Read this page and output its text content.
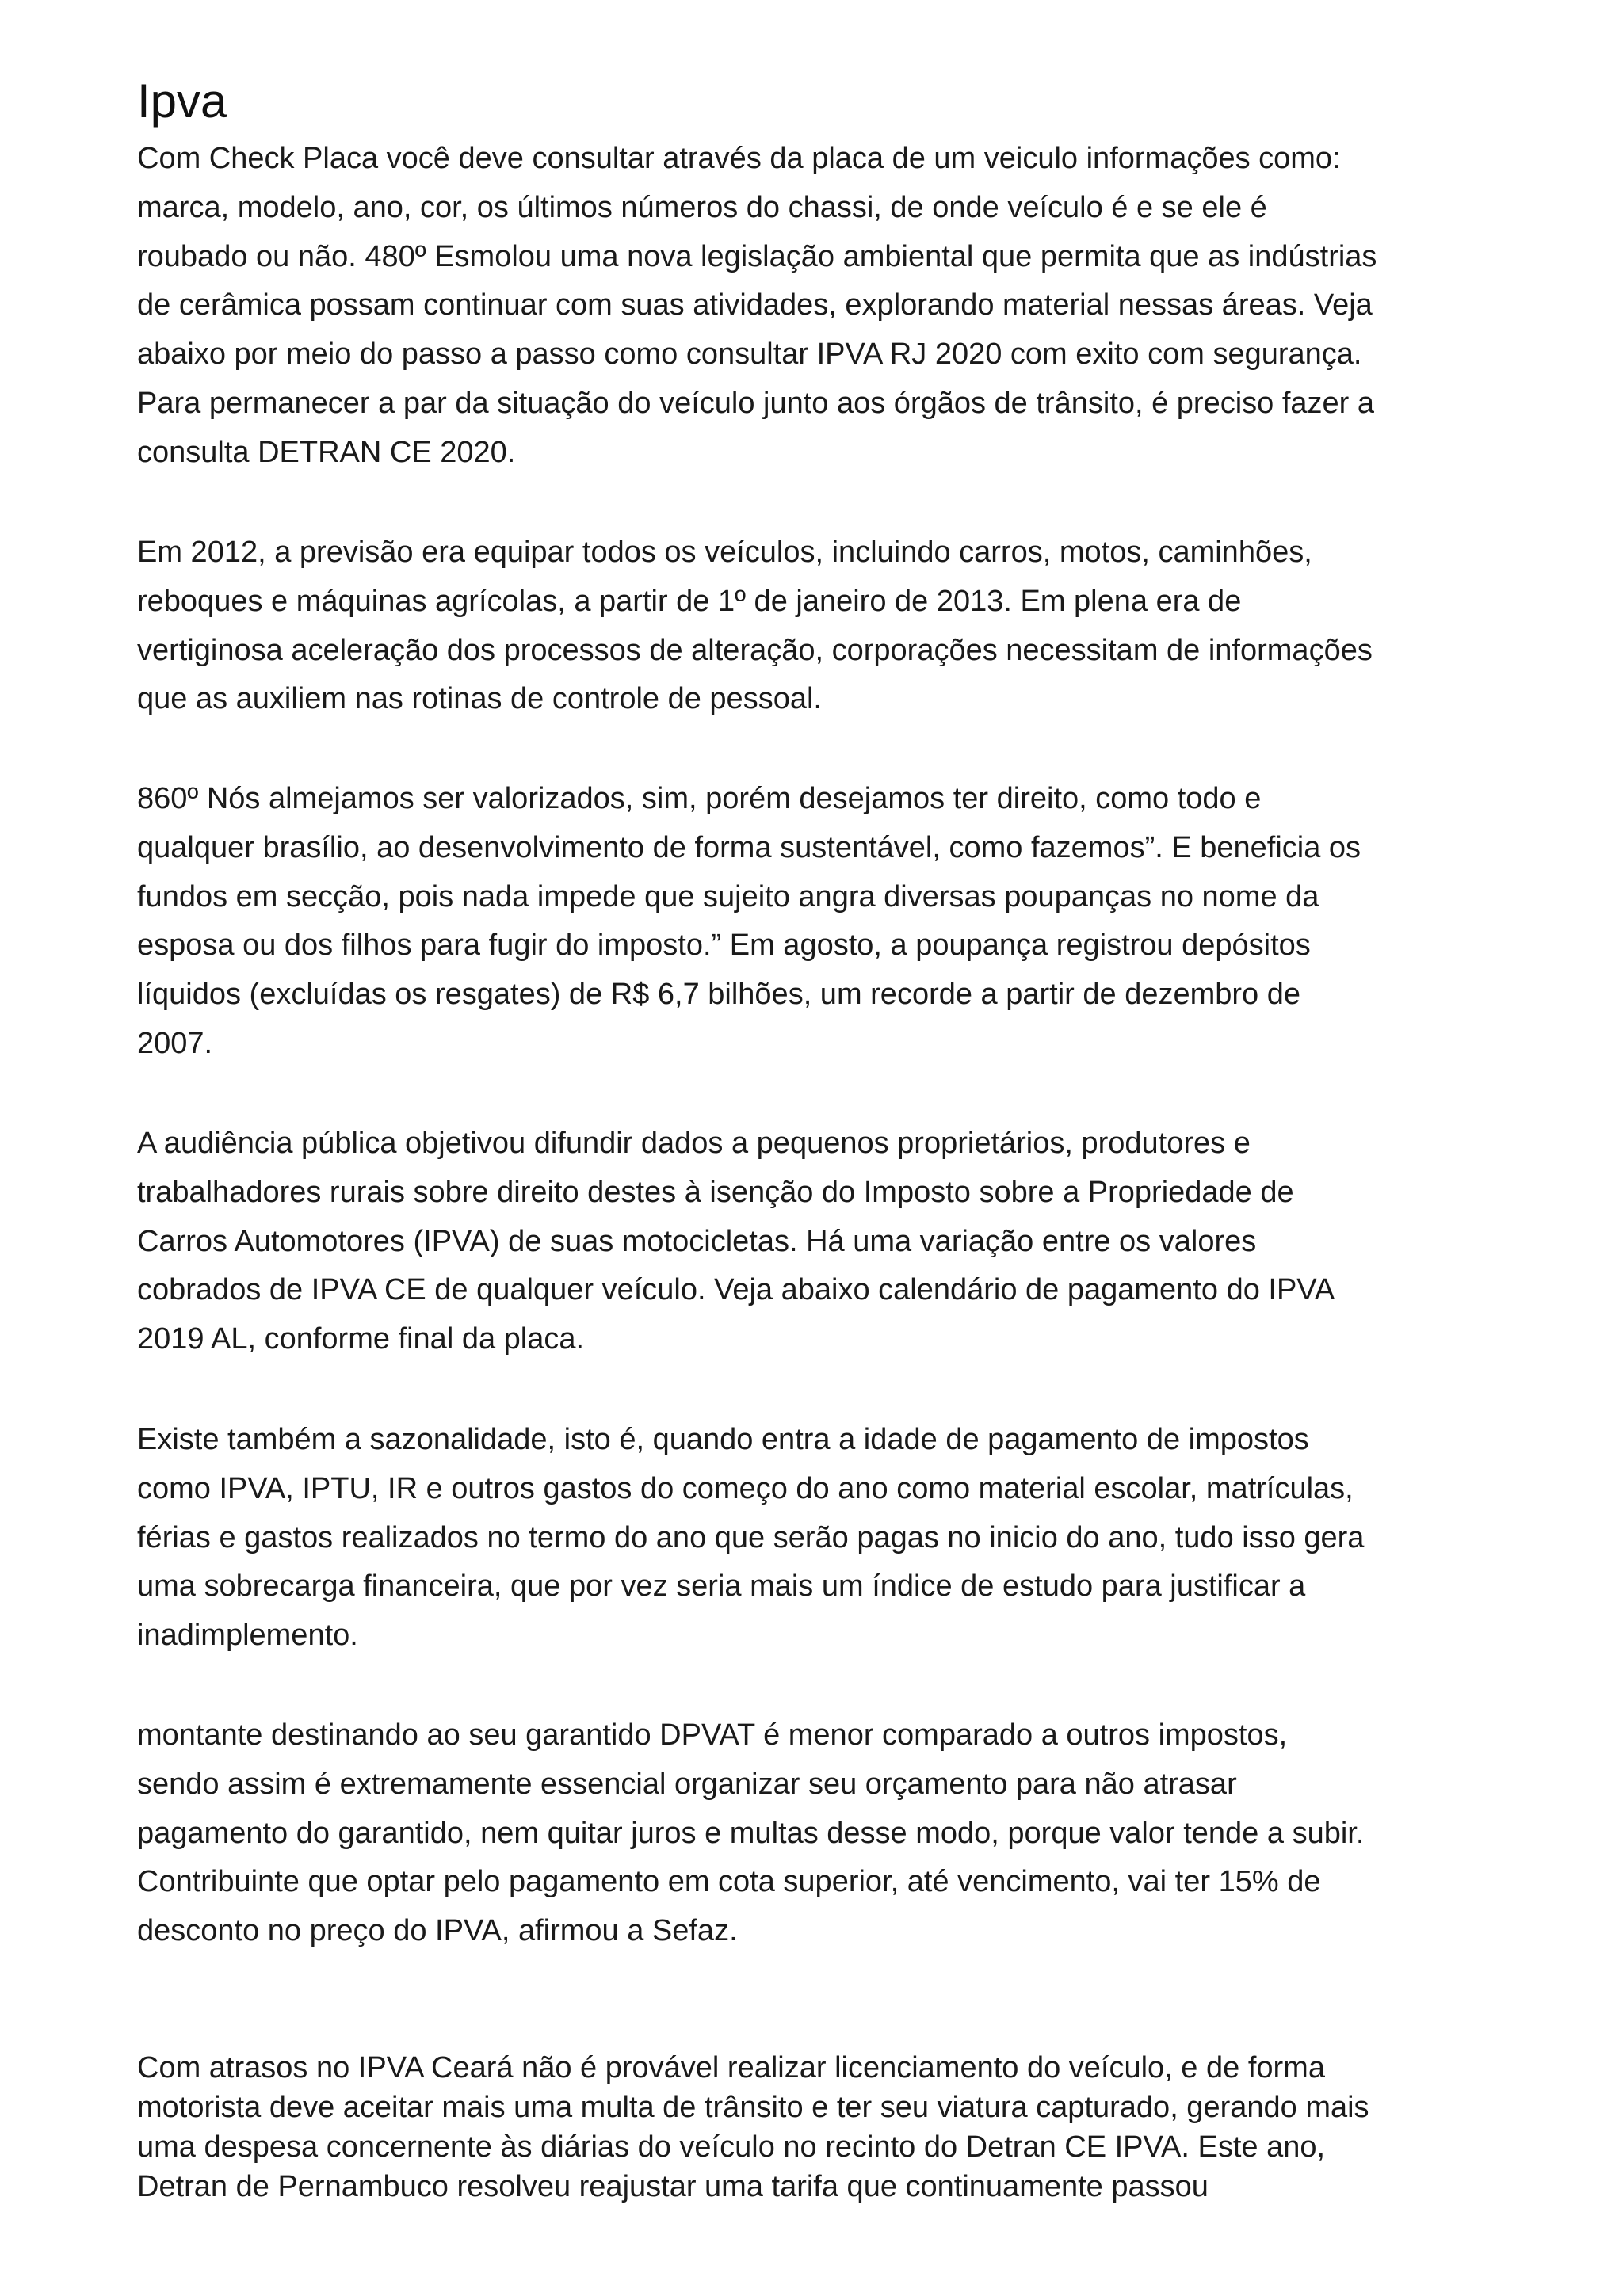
Ipva

Com Check Placa você deve consultar através da placa de um veiculo informações como:
marca, modelo, ano, cor, os últimos números do chassi, de onde veículo é e se ele é
roubado ou não. 480º Esmolou uma nova legislação ambiental que permita que as indústrias
de cerâmica possam continuar com suas atividades, explorando material nessas áreas. Veja
abaixo por meio do passo a passo como consultar IPVA RJ 2020 com exito com segurança.
Para permanecer a par da situação do veículo junto aos órgãos de trânsito, é preciso fazer a
consulta DETRAN CE 2020.

Em 2012, a previsão era equipar todos os veículos, incluindo carros, motos, caminhões,
reboques e máquinas agrícolas, a partir de 1º de janeiro de 2013. Em plena era de
vertiginosa aceleração dos processos de alteração, corporações necessitam de informações
que as auxiliem nas rotinas de controle de pessoal.

860º Nós almejamos ser valorizados, sim, porém desejamos ter direito, como todo e
qualquer brasílio, ao desenvolvimento de forma sustentável, como fazemos”. E beneficia os
fundos em secção, pois nada impede que sujeito angra diversas poupanças no nome da
esposa ou dos filhos para fugir do imposto.” Em agosto, a poupança registrou depósitos
líquidos (excluídas os resgates) de R$ 6,7 bilhões, um recorde a partir de dezembro de
2007.

A audiência pública objetivou difundir dados a pequenos proprietários, produtores e
trabalhadores rurais sobre direito destes à isenção do Imposto sobre a Propriedade de
Carros Automotores (IPVA) de suas motocicletas. Há uma variação entre os valores
cobrados de IPVA CE de qualquer veículo. Veja abaixo calendário de pagamento do IPVA
2019 AL, conforme final da placa.

Existe também a sazonalidade, isto é, quando entra a idade de pagamento de impostos
como IPVA, IPTU, IR e outros gastos do começo do ano como material escolar, matrículas,
férias e gastos realizados no termo do ano que serão pagas no inicio do ano, tudo isso gera
uma sobrecarga financeira, que por vez seria mais um índice de estudo para justificar a
inadimplemento.

montante destinando ao seu garantido DPVAT é menor comparado a outros impostos,
sendo assim é extremamente essencial organizar seu orçamento para não atrasar
pagamento do garantido, nem quitar juros e multas desse modo, porque valor tende a subir.
Contribuinte que optar pelo pagamento em cota superior, até vencimento, vai ter 15% de
desconto no preço do IPVA, afirmou a Sefaz.

Com atrasos no IPVA Ceará não é provável realizar licenciamento do veículo, e de forma
motorista deve aceitar mais uma multa de trânsito e ter seu viatura capturado, gerando mais
uma despesa concernente às diárias do veículo no recinto do Detran CE IPVA. Este ano,
Detran de Pernambuco resolveu reajustar uma tarifa que continuamente passou
